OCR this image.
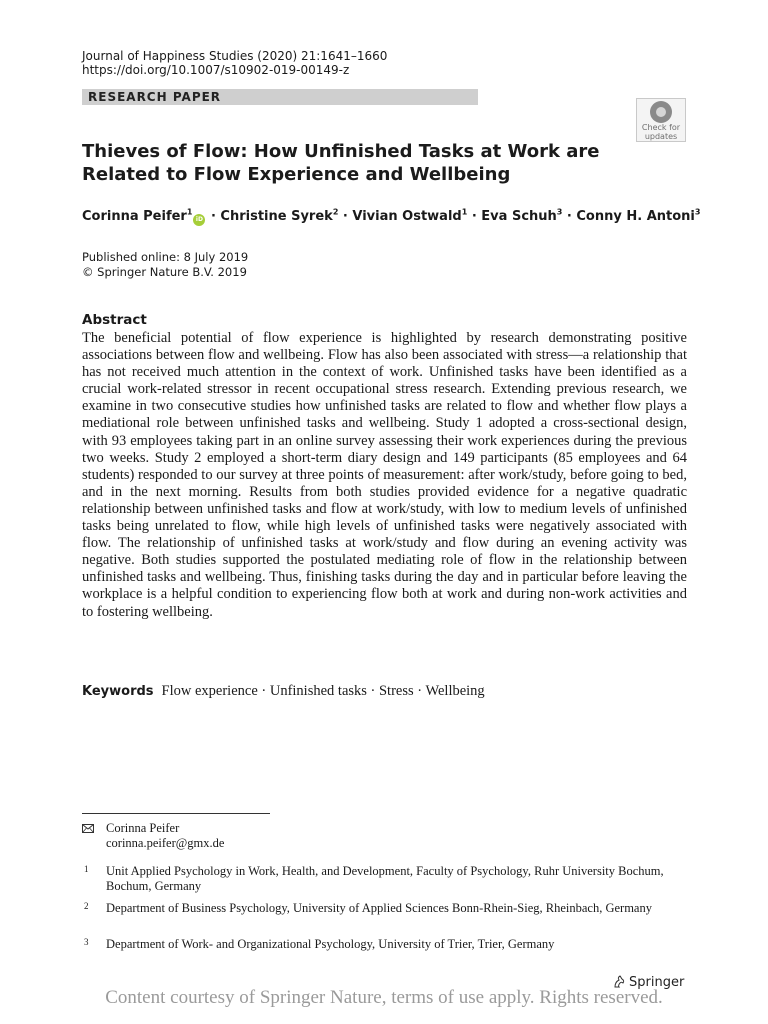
Journal of Happiness Studies (2020) 21:1641–1660
https://doi.org/10.1007/s10902-019-00149-z
RESEARCH PAPER
Check for
updates
Thieves of Flow: How Unfinished Tasks at Work are Related to Flow Experience and Wellbeing
Corinna Peifer$^1$iD · Christine Syrek$^2$ · Vivian Ostwald$^1$ · Eva Schuh$^3$ · Conny H. Antoni$^3$
Published online: 8 July 2019
© Springer Nature B.V. 2019
Abstract
The beneficial potential of flow experience is highlighted by research demonstrating positive associations between flow and wellbeing. Flow has also been associated with stress—a relationship that has not received much attention in the context of work. Unfinished tasks have been identified as a crucial work-related stressor in recent occupational stress research. Extending previous research, we examine in two consecutive studies how unfinished tasks are related to flow and whether flow plays a mediational role between unfinished tasks and wellbeing. Study 1 adopted a cross-sectional design, with 93 employees taking part in an online survey assessing their work experiences during the previous two weeks. Study 2 employed a short-term diary design and 149 participants (85 employees and 64 students) responded to our survey at three points of measurement: after work/study, before going to bed, and in the next morning. Results from both studies provided evidence for a negative quadratic relationship between unfinished tasks and flow at work/study, with low to medium levels of unfinished tasks being unrelated to flow, while high levels of unfinished tasks were negatively associated with flow. The relationship of unfinished tasks at work/study and flow during an evening activity was negative. Both studies supported the postulated mediating role of flow in the relationship between unfinished tasks and wellbeing. Thus, finishing tasks during the day and in particular before leaving the workplace is a helpful condition to experiencing flow both at work and during non-work activities and to fostering wellbeing.
Keywords Flow experience · Unfinished tasks · Stress · Wellbeing
Corinna Peifer
corinna.peifer@gmx.de
1 Unit Applied Psychology in Work, Health, and Development, Faculty of Psychology, Ruhr University Bochum, Bochum, Germany
2 Department of Business Psychology, University of Applied Sciences Bonn-Rhein-Sieg, Rheinbach, Germany
3 Department of Work- and Organizational Psychology, University of Trier, Trier, Germany
Springer
Content courtesy of Springer Nature, terms of use apply. Rights reserved.
